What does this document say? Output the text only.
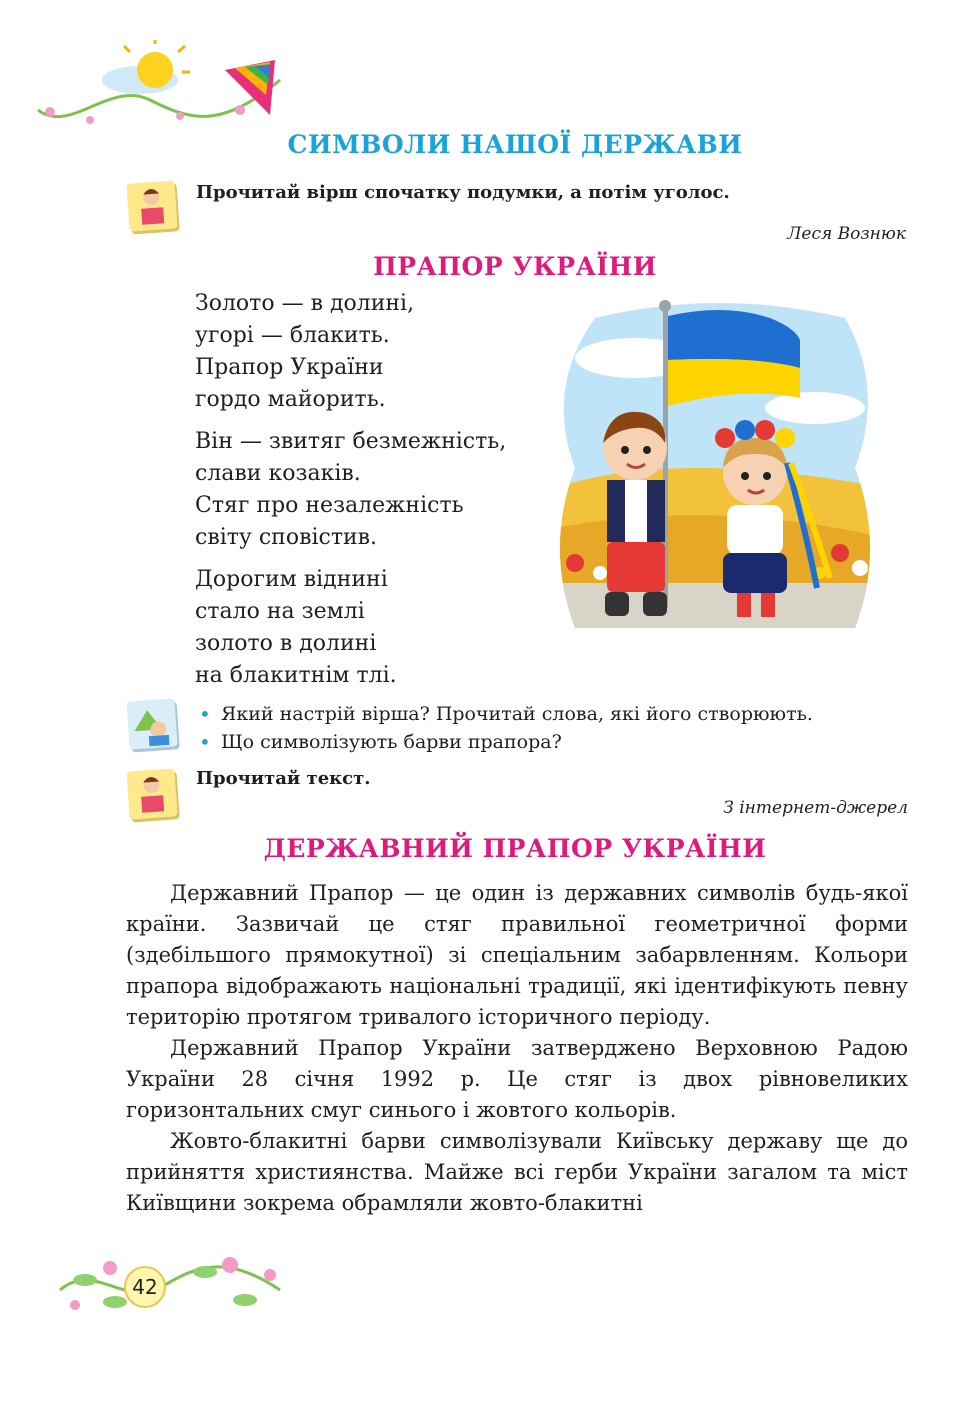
СИМВОЛИ НАШОЇ ДЕРЖАВИ
Прочитай вірш спочатку подумки, а потім уголос.
Леся Вознюк
ПРАПОР УКРАЇНИ
Золото — в долині,
угорі — блакить.
Прапор України
гордо майорить.
Він — звитяг безмежність,
слави козаків.
Стяг про незалежність
світу сповістив.
Дорогим віднині
стало на землі
золото в долині
на блакитнім тлі.
• Який настрій вірша? Прочитай слова, які його створюють.
• Що символізують барви прапора?
Прочитай текст.
З інтернет-джерел
ДЕРЖАВНИЙ ПРАПОР УКРАЇНИ

Державний Прапор — це один із державних символів будь-якої країни. Зазвичай це стяг правильної геометричної форми (здебільшого прямокутної) зі спеціальним забарвленням. Кольори прапора відображають національні традиції, які ідентифікують певну територію протягом тривалого історичного періоду.

Державний Прапор України затверджено Верховною Радою України 28 січня 1992 р. Це стяг із двох рівновеликих горизонтальних смуг синього і жовтого кольорів.

Жовто-блакитні барви символізували Київську державу ще до прийняття християнства. Майже всі герби України загалом та міст Київщини зокрема обрамляли жовто-блакитні

42
